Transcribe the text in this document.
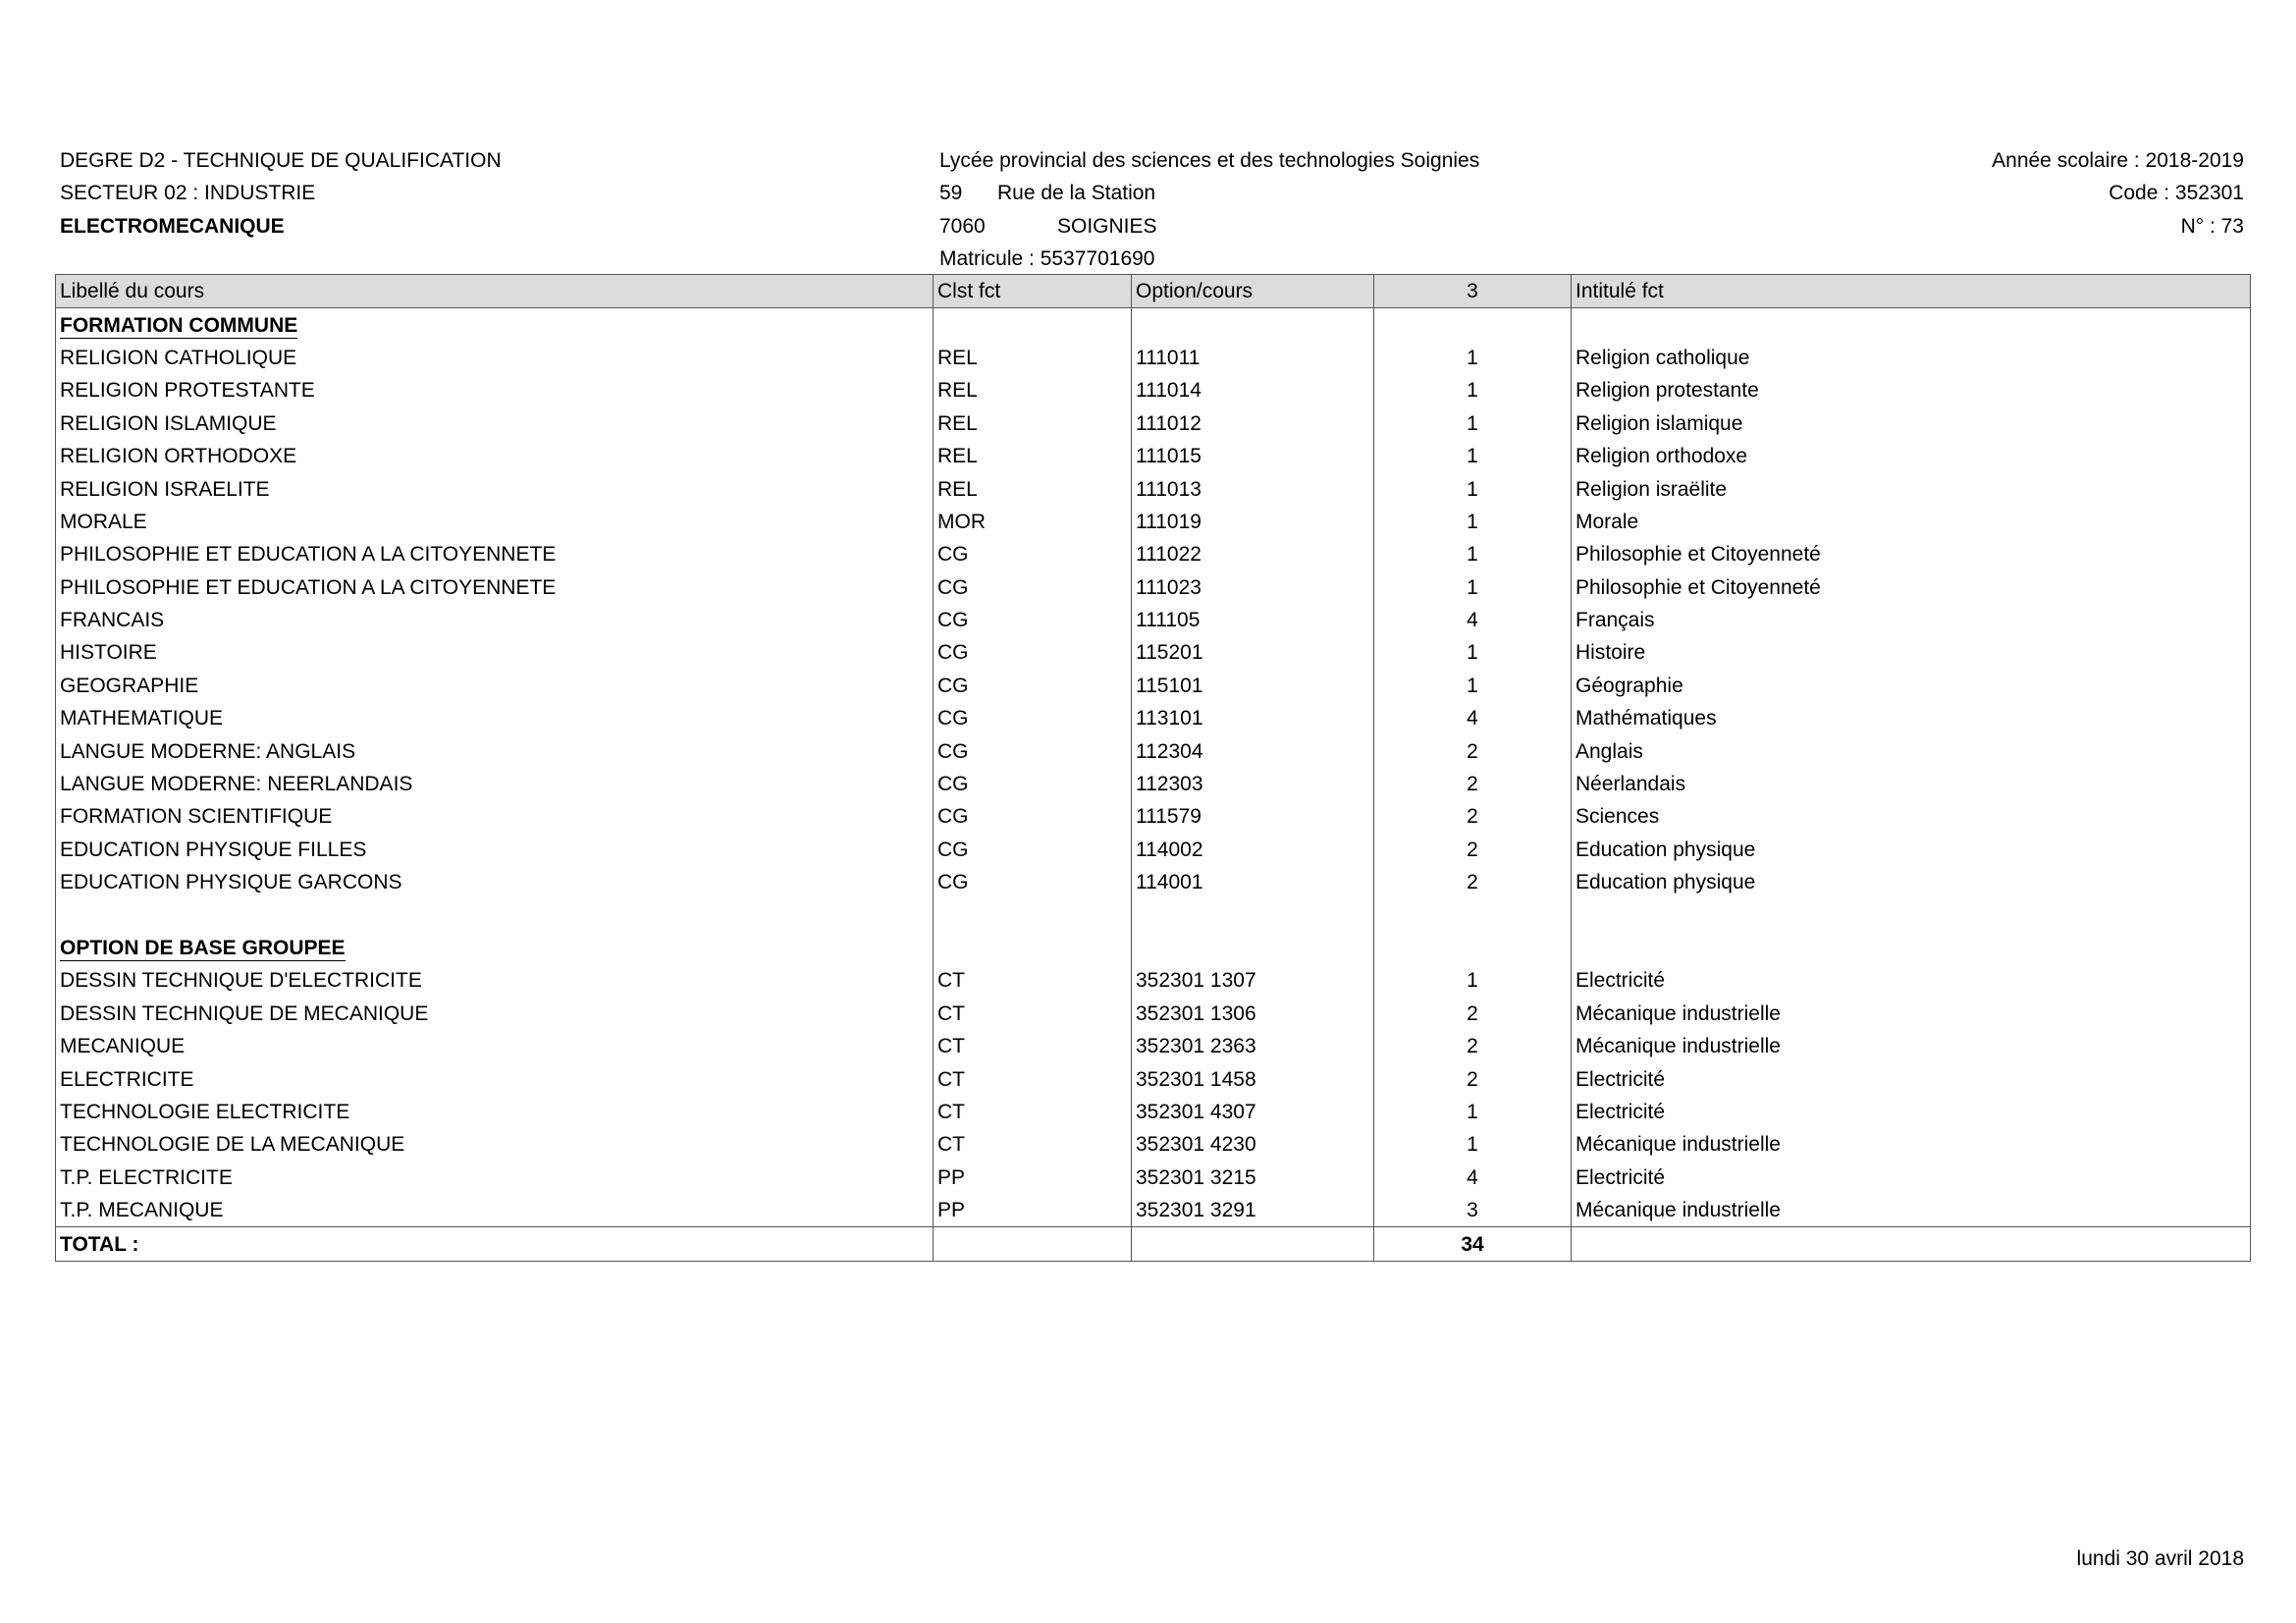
DEGRE D2 - TECHNIQUE DE QUALIFICATION
SECTEUR 02 : INDUSTRIE
ELECTROMECANIQUE
Lycée provincial des sciences et des technologies Soignies
59 Rue de la Station
7060	SOIGNIES
Matricule : 5537701690
Année scolaire : 2018-2019
Code : 352301
N° : 73
Libellé du cours	Clst fct	Option/cours	3	Intitulé fct
FORMATION COMMUNE				
RELIGION CATHOLIQUE	REL	111011	1	Religion catholique
RELIGION PROTESTANTE	REL	111014	1	Religion protestante
RELIGION ISLAMIQUE	REL	111012	1	Religion islamique
RELIGION ORTHODOXE	REL	111015	1	Religion orthodoxe
RELIGION ISRAELITE	REL	111013	1	Religion israëlite
MORALE	MOR	111019	1	Morale
PHILOSOPHIE ET EDUCATION A LA CITOYENNETE	CG	111022	1	Philosophie et Citoyenneté
PHILOSOPHIE ET EDUCATION A LA CITOYENNETE	CG	111023	1	Philosophie et Citoyenneté
FRANCAIS	CG	111105	4	Français
HISTOIRE	CG	115201	1	Histoire
GEOGRAPHIE	CG	115101	1	Géographie
MATHEMATIQUE	CG	113101	4	Mathématiques
LANGUE MODERNE: ANGLAIS	CG	112304	2	Anglais
LANGUE MODERNE: NEERLANDAIS	CG	112303	2	Néerlandais
FORMATION SCIENTIFIQUE	CG	111579	2	Sciences
EDUCATION PHYSIQUE FILLES	CG	114002	2	Education physique
EDUCATION PHYSIQUE GARCONS	CG	114001	2	Education physique

OPTION DE BASE GROUPEE				
DESSIN TECHNIQUE D'ELECTRICITE	CT	352301 1307	1	Electricité
DESSIN TECHNIQUE DE MECANIQUE	CT	352301 1306	2	Mécanique industrielle
MECANIQUE	CT	352301 2363	2	Mécanique industrielle
ELECTRICITE	CT	352301 1458	2	Electricité
TECHNOLOGIE ELECTRICITE	CT	352301 4307	1	Electricité
TECHNOLOGIE DE LA MECANIQUE	CT	352301 4230	1	Mécanique industrielle
T.P. ELECTRICITE	PP	352301 3215	4	Electricité
T.P. MECANIQUE	PP	352301 3291	3	Mécanique industrielle
TOTAL :			34	
lundi 30 avril 2018
